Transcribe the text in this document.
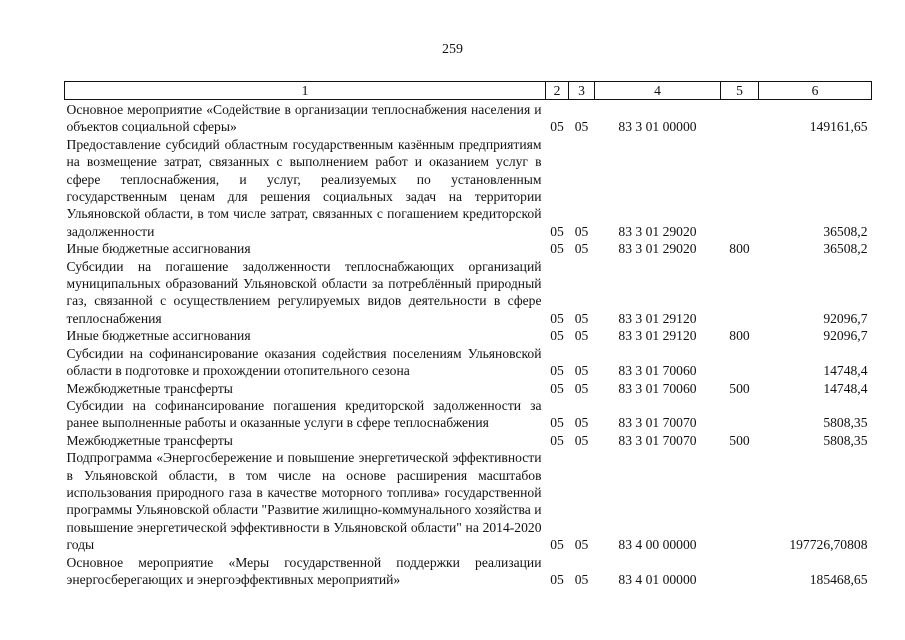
259
1	2	3	4	5	6
Основное мероприятие «Содействие в организации теплоснабжения населения и объектов социальной сферы»	05	05	83 3 01 00000		149161,65
Предоставление субсидий областным государственным казённым предприятиям на возмещение затрат, связанных с выполнением работ и оказанием услуг в сфере теплоснабжения, и услуг, реализуемых по установленным государственным ценам для решения социальных задач на территории Ульяновской области, в том числе затрат, связанных с погашением кредиторской задолженности	05	05	83 3 01 29020		36508,2
Иные бюджетные ассигнования	05	05	83 3 01 29020	800	36508,2
Субсидии на погашение задолженности теплоснабжающих организаций муниципальных образований Ульяновской области за потреблённый природный газ, связанной с осуществлением регулируемых видов деятельности в сфере теплоснабжения	05	05	83 3 01 29120		92096,7
Иные бюджетные ассигнования	05	05	83 3 01 29120	800	92096,7
Субсидии на софинансирование оказания содействия поселениям Ульяновской области в подготовке и прохождении отопительного сезона	05	05	83 3 01 70060		14748,4
Межбюджетные трансферты	05	05	83 3 01 70060	500	14748,4
Субсидии на софинансирование погашения кредиторской задолженности за ранее выполненные работы и оказанные услуги в сфере теплоснабжения	05	05	83 3 01 70070		5808,35
Межбюджетные трансферты	05	05	83 3 01 70070	500	5808,35
Подпрограмма «Энергосбережение и повышение энергетической эффективности в Ульяновской области, в том числе на основе расширения масштабов использования природного газа в качестве моторного топлива» государственной программы Ульяновской области "Развитие жилищно-коммунального хозяйства и повышение энергетической эффективности в Ульяновской области" на 2014-2020 годы	05	05	83 4 00 00000		197726,70808
Основное мероприятие «Меры государственной поддержки реализации энергосберегающих и энергоэффективных мероприятий»	05	05	83 4 01 00000		185468,65
